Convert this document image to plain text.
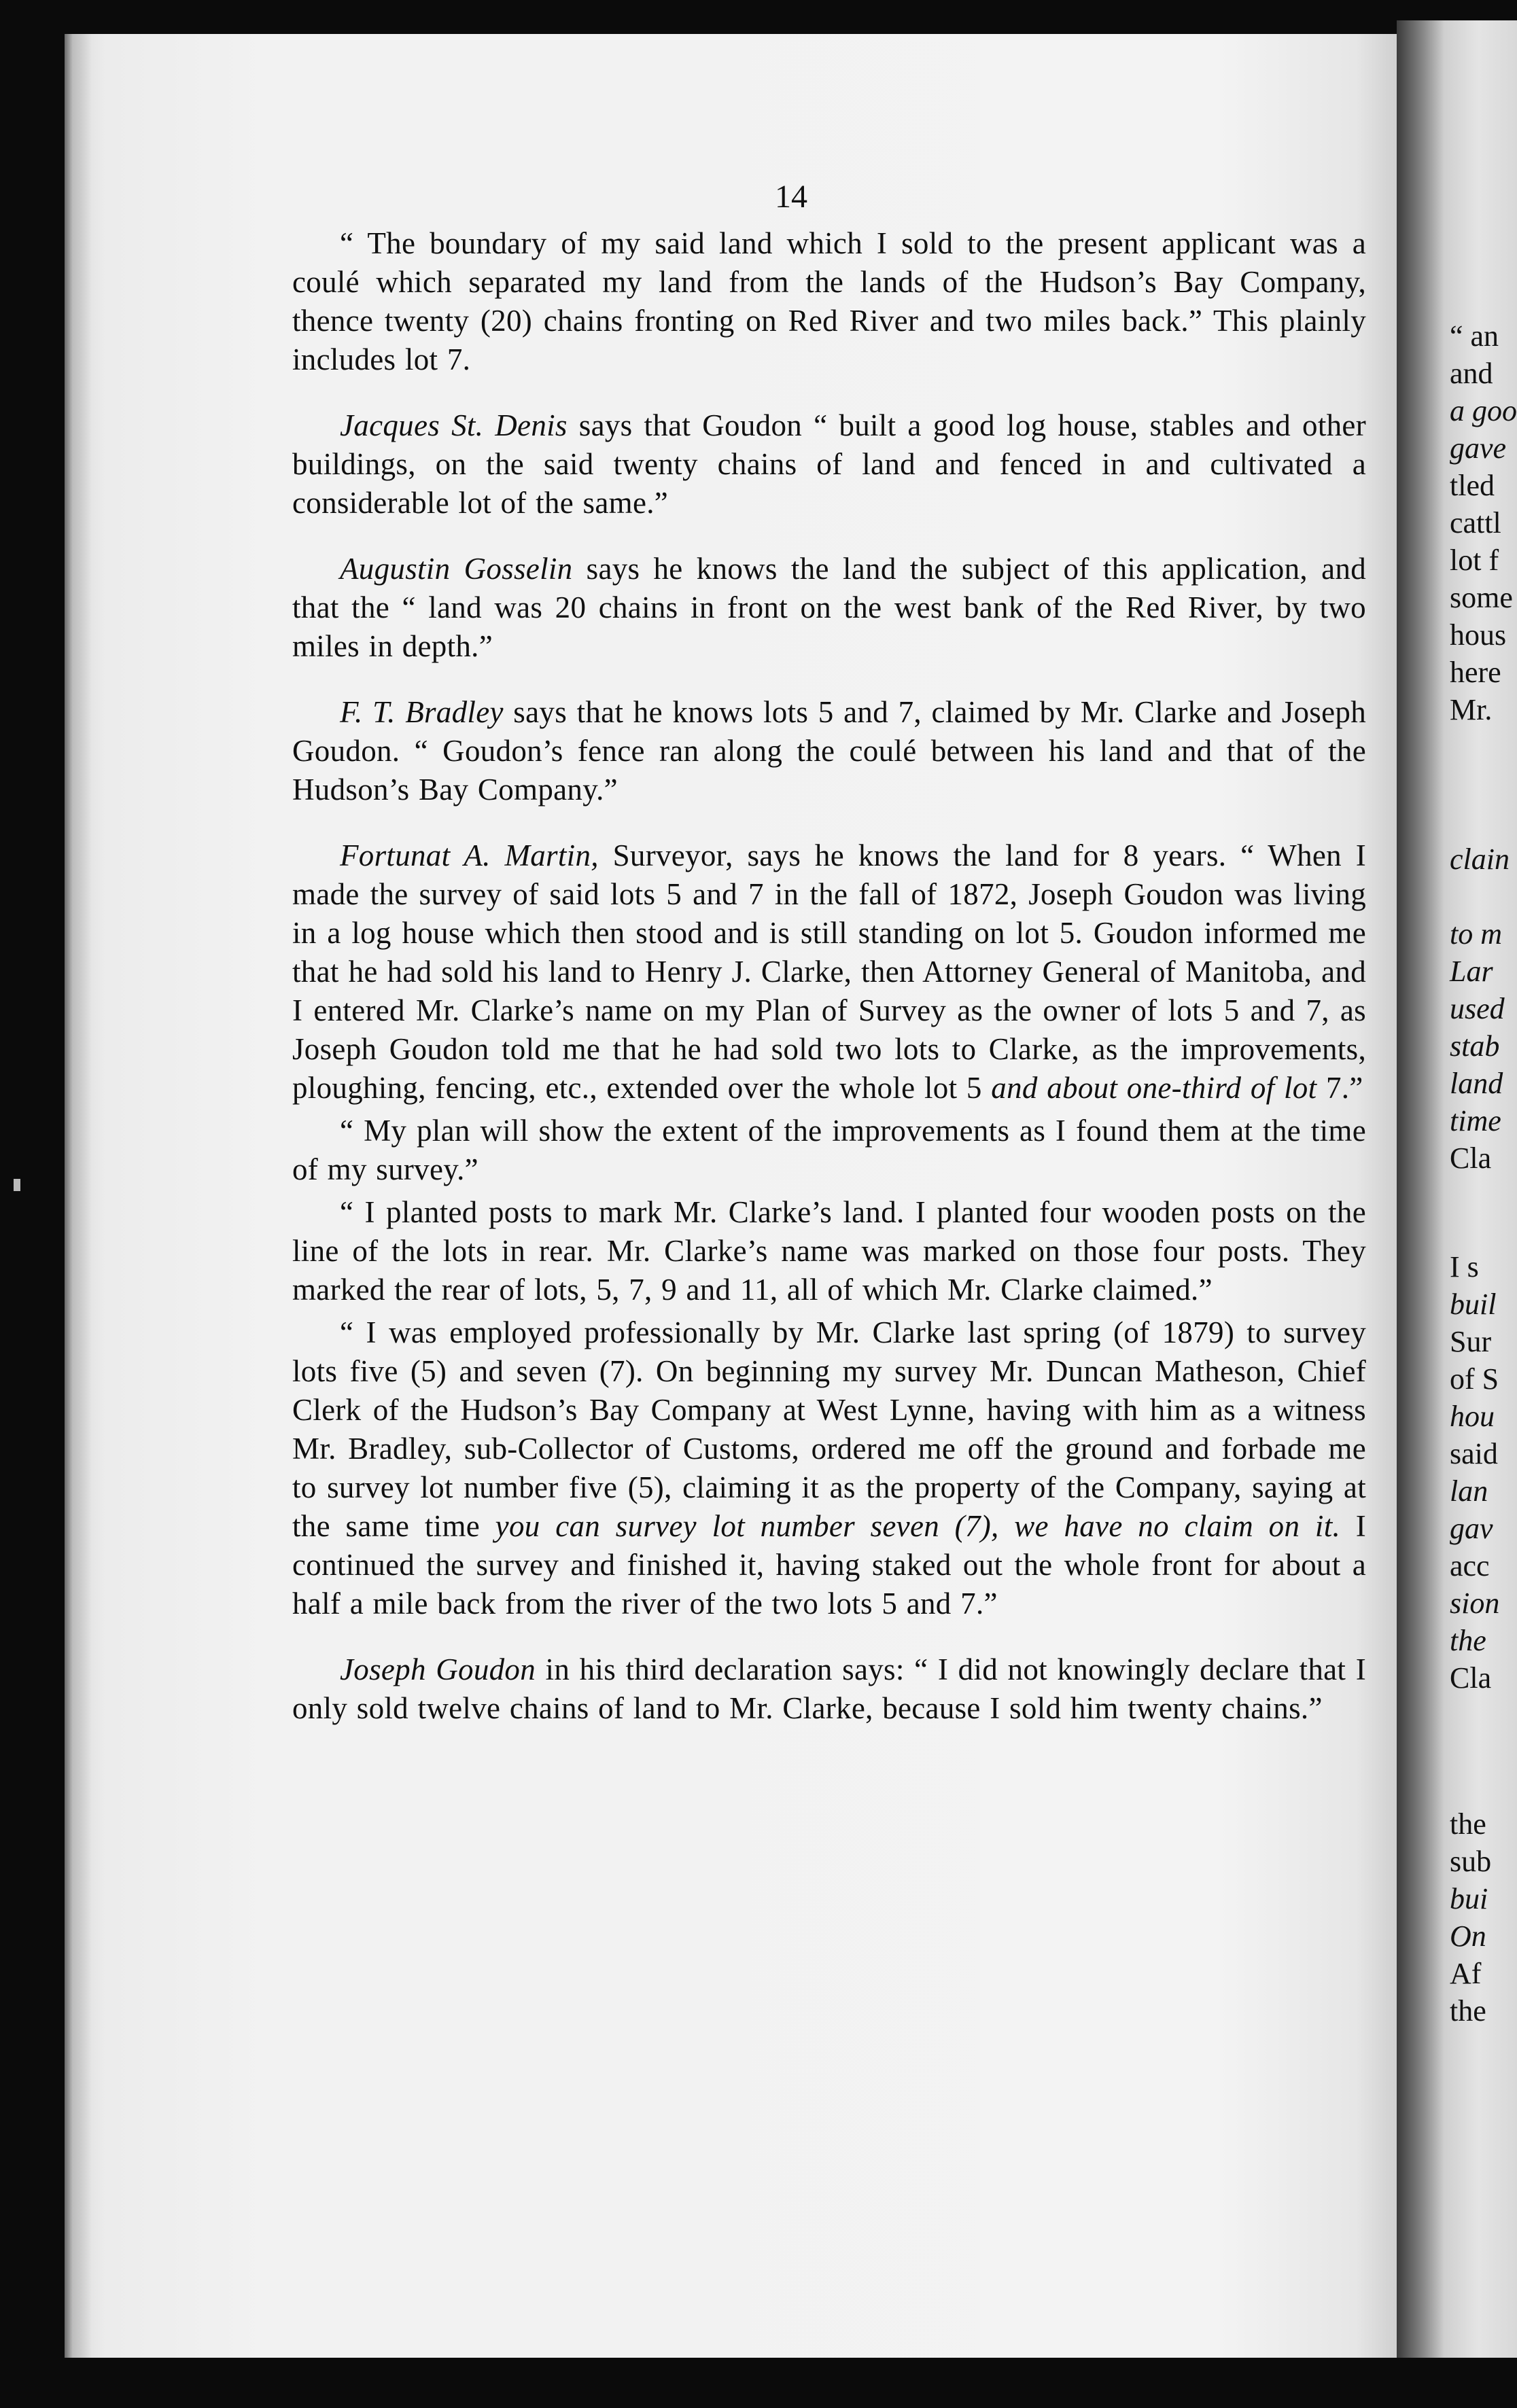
“ an
and
a goo
gave
tled
cattl
lot f
some
hous
here
Mr.
clain
to m
Lar
used
stab
land
time
Cla
I s
buil
Sur
of S
hou
said
lan
gav
acc
sion
the
Cla
the
sub
bui
On
Af
the
14

“ The boundary of my said land which I sold to the present applicant was a coulé which separated my land from the lands of the Hudson’s Bay Company, thence twenty (20) chains fronting on Red River and two miles back.” This plainly includes lot 7.

Jacques St. Denis says that Goudon “ built a good log house, stables and other buildings, on the said twenty chains of land and fenced in and cultivated a considerable lot of the same.”

Augustin Gosselin says he knows the land the subject of this application, and that the “ land was 20 chains in front on the west bank of the Red River, by two miles in depth.”

F. T. Bradley says that he knows lots 5 and 7, claimed by Mr. Clarke and Joseph Goudon. “ Goudon’s fence ran along the coulé between his land and that of the Hudson’s Bay Company.”

Fortunat A. Martin, Surveyor, says he knows the land for 8 years. “ When I made the survey of said lots 5 and 7 in the fall of 1872, Joseph Goudon was living in a log house which then stood and is still standing on lot 5. Goudon informed me that he had sold his land to Henry J. Clarke, then Attorney General of Manitoba, and I entered Mr. Clarke’s name on my Plan of Survey as the owner of lots 5 and 7, as Joseph Goudon told me that he had sold two lots to Clarke, as the improvements, ploughing, fencing, etc., extended over the whole lot 5 and about one-third of lot 7.”

“ My plan will show the extent of the improvements as I found them at the time of my survey.”

“ I planted posts to mark Mr. Clarke’s land. I planted four wooden posts on the line of the lots in rear. Mr. Clarke’s name was marked on those four posts. They marked the rear of lots, 5, 7, 9 and 11, all of which Mr. Clarke claimed.”

“ I was employed professionally by Mr. Clarke last spring (of 1879) to survey lots five (5) and seven (7). On beginning my survey Mr. Duncan Matheson, Chief Clerk of the Hudson’s Bay Company at West Lynne, having with him as a witness Mr. Bradley, sub-Collector of Customs, ordered me off the ground and forbade me to survey lot number five (5), claiming it as the property of the Company, saying at the same time you can survey lot number seven (7), we have no claim on it. I continued the survey and finished it, having staked out the whole front for about a half a mile back from the river of the two lots 5 and 7.”

Joseph Goudon in his third declaration says: “ I did not knowingly declare that I only sold twelve chains of land to Mr. Clarke, because I sold him twenty chains.”
